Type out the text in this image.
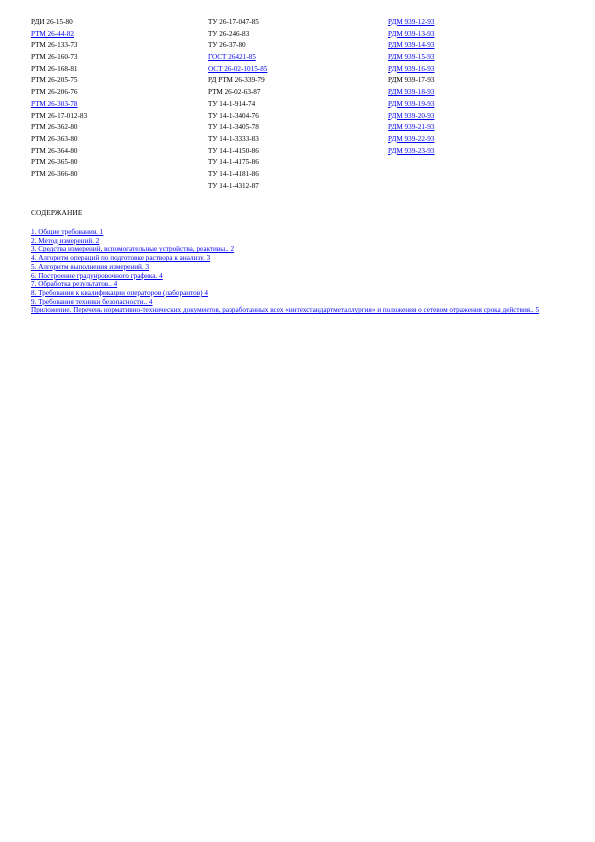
РДИ 26-15-80
РТМ 26-44-82
РТМ 26-133-73
РТМ 26-160-73
РТМ 26-168-81
РТМ 26-205-75
РТМ 26-206-76
РТМ 26-303-78
РТМ 26-17-012-83
РТМ 26-362-80
РТМ 26-363-80
РТМ 26-364-80
РТМ 26-365-80
РТМ 26-366-80
ТУ 26-17-047-85
ТУ 26-246-83
ТУ 26-37-80
ГОСТ 26421-85
ОСТ 26-02-1015-85
РД РТМ 26-339-79
РТМ 26-02-63-87
ТУ 14-1-914-74
ТУ 14-1-3404-76
ТУ 14-1-3405-78
ТУ 14-1-3333-83
ТУ 14-1-4150-86
ТУ 14-1-4175-86
ТУ 14-1-4181-86
ТУ 14-1-4312-87
РДМ 939-12-93
РДМ 939-13-93
РДМ 939-14-93
РДМ 939-15-93
РДМ 939-16-93
РДМ 939-17-93
РДМ 939-18-93
РДМ 939-19-93
РДМ 939-20-93
РДМ 939-21-93
РДМ 939-22-93
РДМ 939-23-93
СОДЕРЖАНИЕ
1. Общие требования. 1
2. Метод измерений. 2
3. Средства измерений, вспомогательные устройства, реактивы.. 2
4. Алгоритм операций по подготовке раствора к анализу. 3
5. Алгоритм выполнения измерений. 3
6. Построение градуировочного графика. 4
7. Обработка результатов.. 4
8. Требования к квалификации операторов (лаборантов) 4
9. Требования техники безопасности.. 4
Приложение. Перечень нормативно-технических документов, разработанных всех «интехстандартметаллургия» и положения о сетевом отражения срока действия.. 5
